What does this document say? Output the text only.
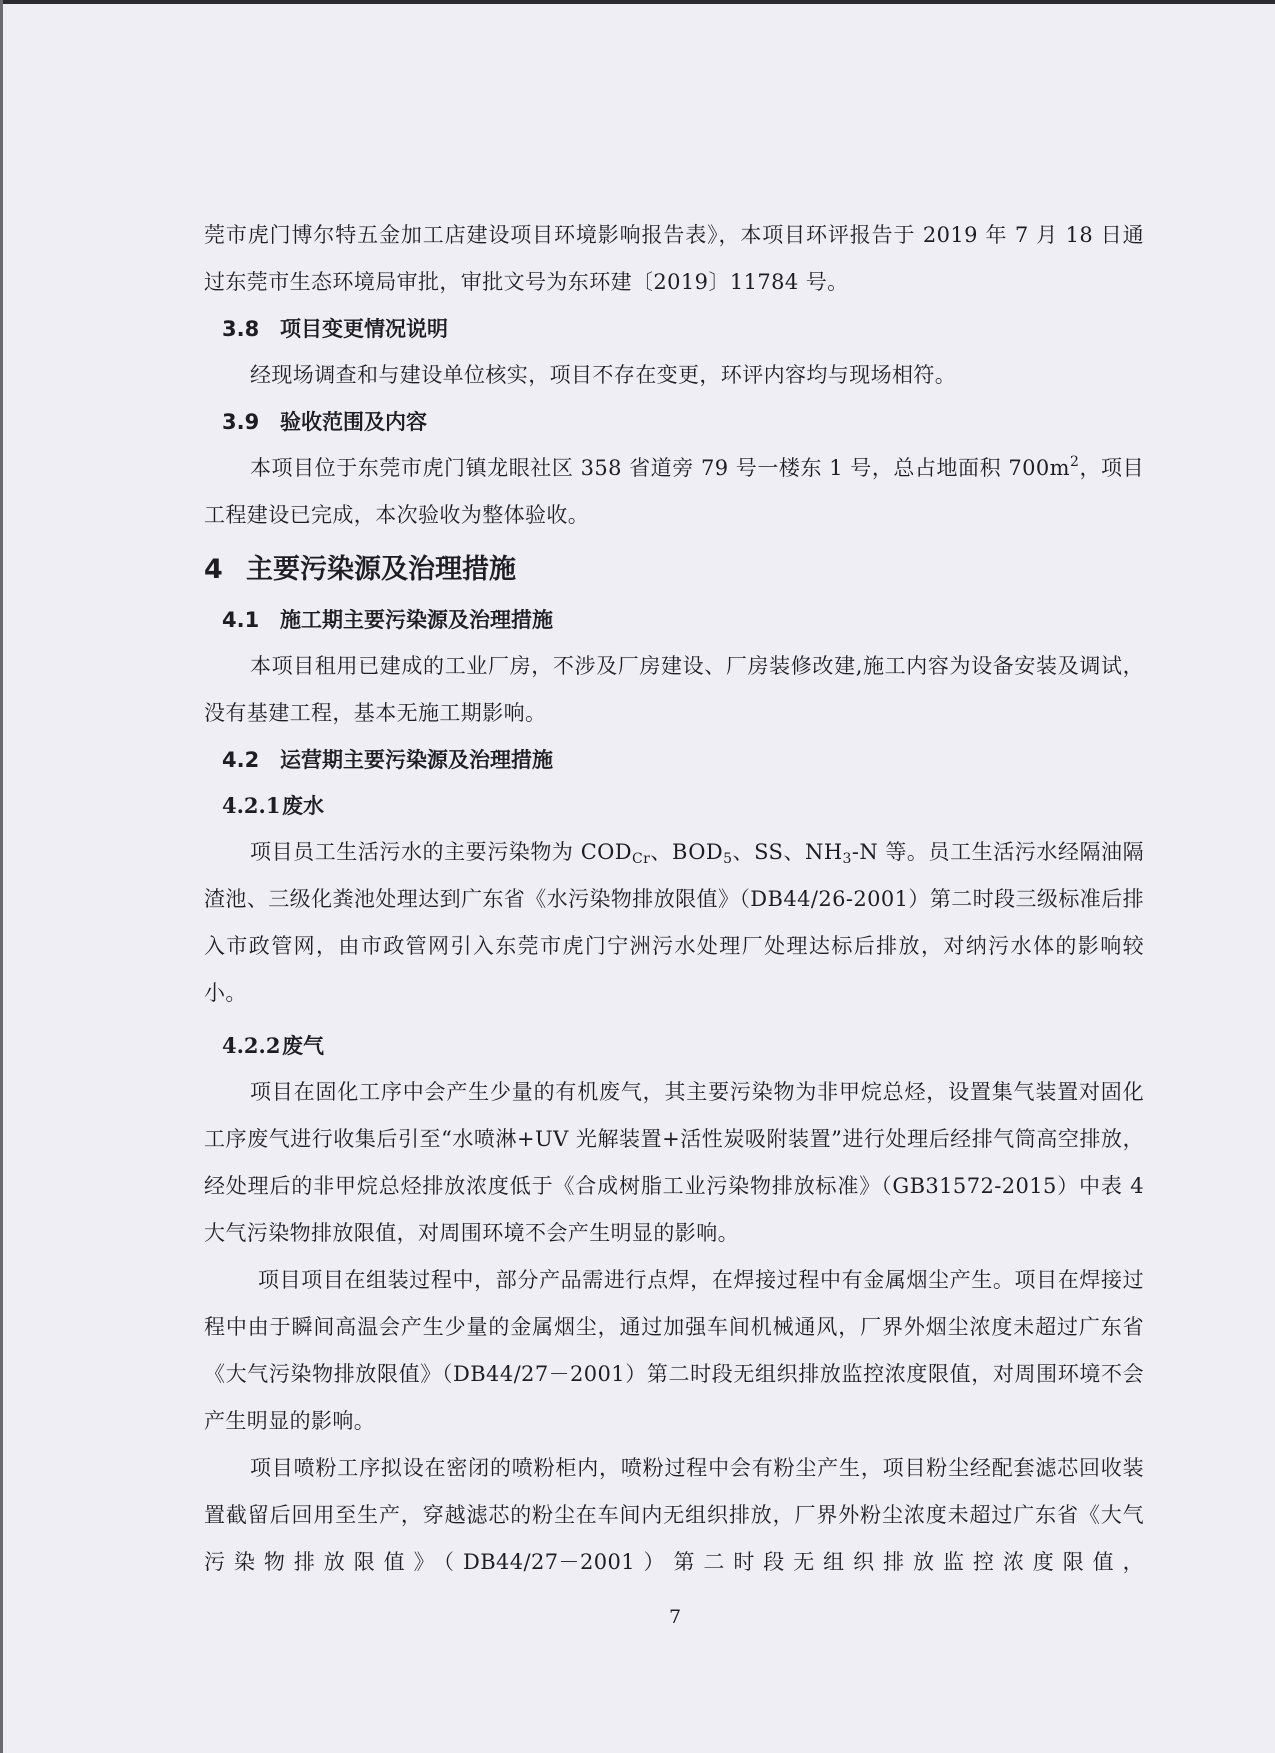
莞市虎门博尔特五金加工店建设项目环境影响报告表》，本项目环评报告于 2019 年 7 月 18 日通过东莞市生态环境局审批，审批文号为东环建〔2019〕11784 号。

3.8 项目变更情况说明

经现场调查和与建设单位核实，项目不存在变更，环评内容均与现场相符。

3.9 验收范围及内容

本项目位于东莞市虎门镇龙眼社区 358 省道旁 79 号一楼东 1 号，总占地面积 $700m^2$，项目工程建设已完成，本次验收为整体验收。

4 主要污染源及治理措施
4.1 施工期主要污染源及治理措施

本项目租用已建成的工业厂房，不涉及厂房建设、厂房装修改建,施工内容为设备安装及调试，没有基建工程，基本无施工期影响。

4.2 运营期主要污染源及治理措施
4.2.1废水

项目员工生活污水的主要污染物为 $COD_{Cr}$、$BOD_5$、SS、$NH_3-N$ 等。员工生活污水经隔油隔渣池、三级化粪池处理达到广东省《水污染物排放限值》（DB44/26-2001）第二时段三级标准后排入市政管网，由市政管网引入东莞市虎门宁洲污水处理厂处理达标后排放，对纳污水体的影响较小。

4.2.2废气

项目在固化工序中会产生少量的有机废气，其主要污染物为非甲烷总烃，设置集气装置对固化工序废气进行收集后引至“水喷淋+UV 光解装置+活性炭吸附装置”进行处理后经排气筒高空排放，经处理后的非甲烷总烃排放浓度低于《合成树脂工业污染物排放标准》（GB31572-2015）中表 4 大气污染物排放限值，对周围环境不会产生明显的影响。

项目项目在组装过程中，部分产品需进行点焊，在焊接过程中有金属烟尘产生。项目在焊接过程中由于瞬间高温会产生少量的金属烟尘，通过加强车间机械通风，厂界外烟尘浓度未超过广东省《大气污染物排放限值》（DB44/27－2001）第二时段无组织排放监控浓度限值，对周围环境不会产生明显的影响。

项目喷粉工序拟设在密闭的喷粉柜内，喷粉过程中会有粉尘产生，项目粉尘经配套滤芯回收装置截留后回用至生产，穿越滤芯的粉尘在车间内无组织排放，厂界外粉尘浓度未超过广东省《大气污染物排放限值》（DB44/27－2001）第二时段无组织排放监控浓度限值，

7
